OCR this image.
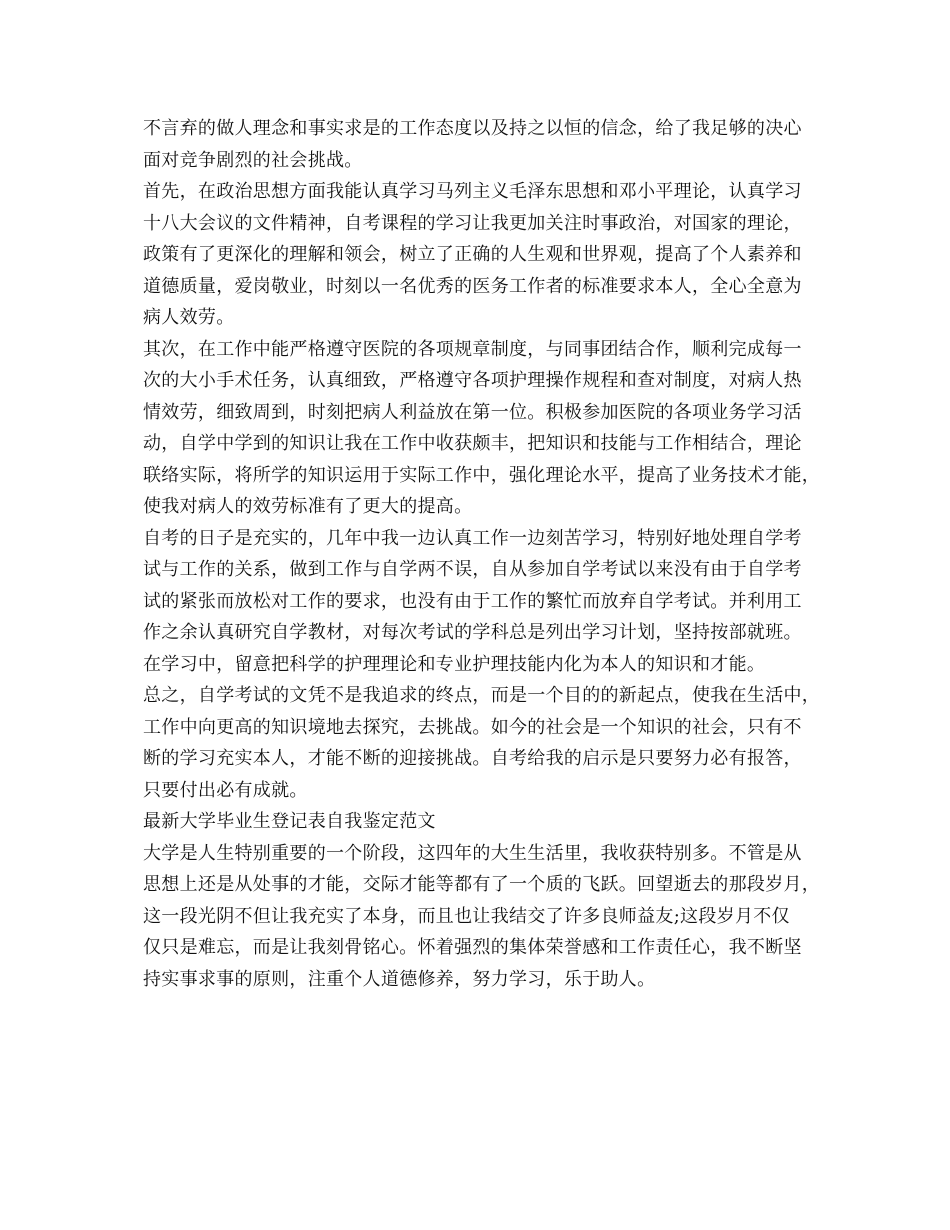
不言弃的做人理念和事实求是的工作态度以及持之以恒的信念，给了我足够的决心
面对竞争剧烈的社会挑战。
首先，在政治思想方面我能认真学习马列主义毛泽东思想和邓小平理论，认真学习
十八大会议的文件精神，自考课程的学习让我更加关注时事政治，对国家的理论，
政策有了更深化的理解和领会，树立了正确的人生观和世界观，提高了个人素养和
道德质量，爱岗敬业，时刻以一名优秀的医务工作者的标准要求本人，全心全意为
病人效劳。
其次，在工作中能严格遵守医院的各项规章制度，与同事团结合作，顺利完成每一
次的大小手术任务，认真细致，严格遵守各项护理操作规程和查对制度，对病人热
情效劳，细致周到，时刻把病人利益放在第一位。积极参加医院的各项业务学习活
动，自学中学到的知识让我在工作中收获颇丰，把知识和技能与工作相结合，理论
联络实际，将所学的知识运用于实际工作中，强化理论水平，提高了业务技术才能，
使我对病人的效劳标准有了更大的提高。
自考的日子是充实的，几年中我一边认真工作一边刻苦学习，特别好地处理自学考
试与工作的关系，做到工作与自学两不误，自从参加自学考试以来没有由于自学考
试的紧张而放松对工作的要求，也没有由于工作的繁忙而放弃自学考试。并利用工
作之余认真研究自学教材，对每次考试的学科总是列出学习计划，坚持按部就班。
在学习中，留意把科学的护理理论和专业护理技能内化为本人的知识和才能。
总之，自学考试的文凭不是我追求的终点，而是一个目的的新起点，使我在生活中，
工作中向更高的知识境地去探究，去挑战。如今的社会是一个知识的社会，只有不
断的学习充实本人，才能不断的迎接挑战。自考给我的启示是只要努力必有报答，
只要付出必有成就。
最新大学毕业生登记表自我鉴定范文
大学是人生特别重要的一个阶段，这四年的大生生活里，我收获特别多。不管是从
思想上还是从处事的才能，交际才能等都有了一个质的飞跃。回望逝去的那段岁月，
这一段光阴不但让我充实了本身，而且也让我结交了许多良师益友;这段岁月不仅
仅只是难忘，而是让我刻骨铭心。怀着强烈的集体荣誉感和工作责任心，我不断坚
持实事求事的原则，注重个人道德修养，努力学习，乐于助人。
